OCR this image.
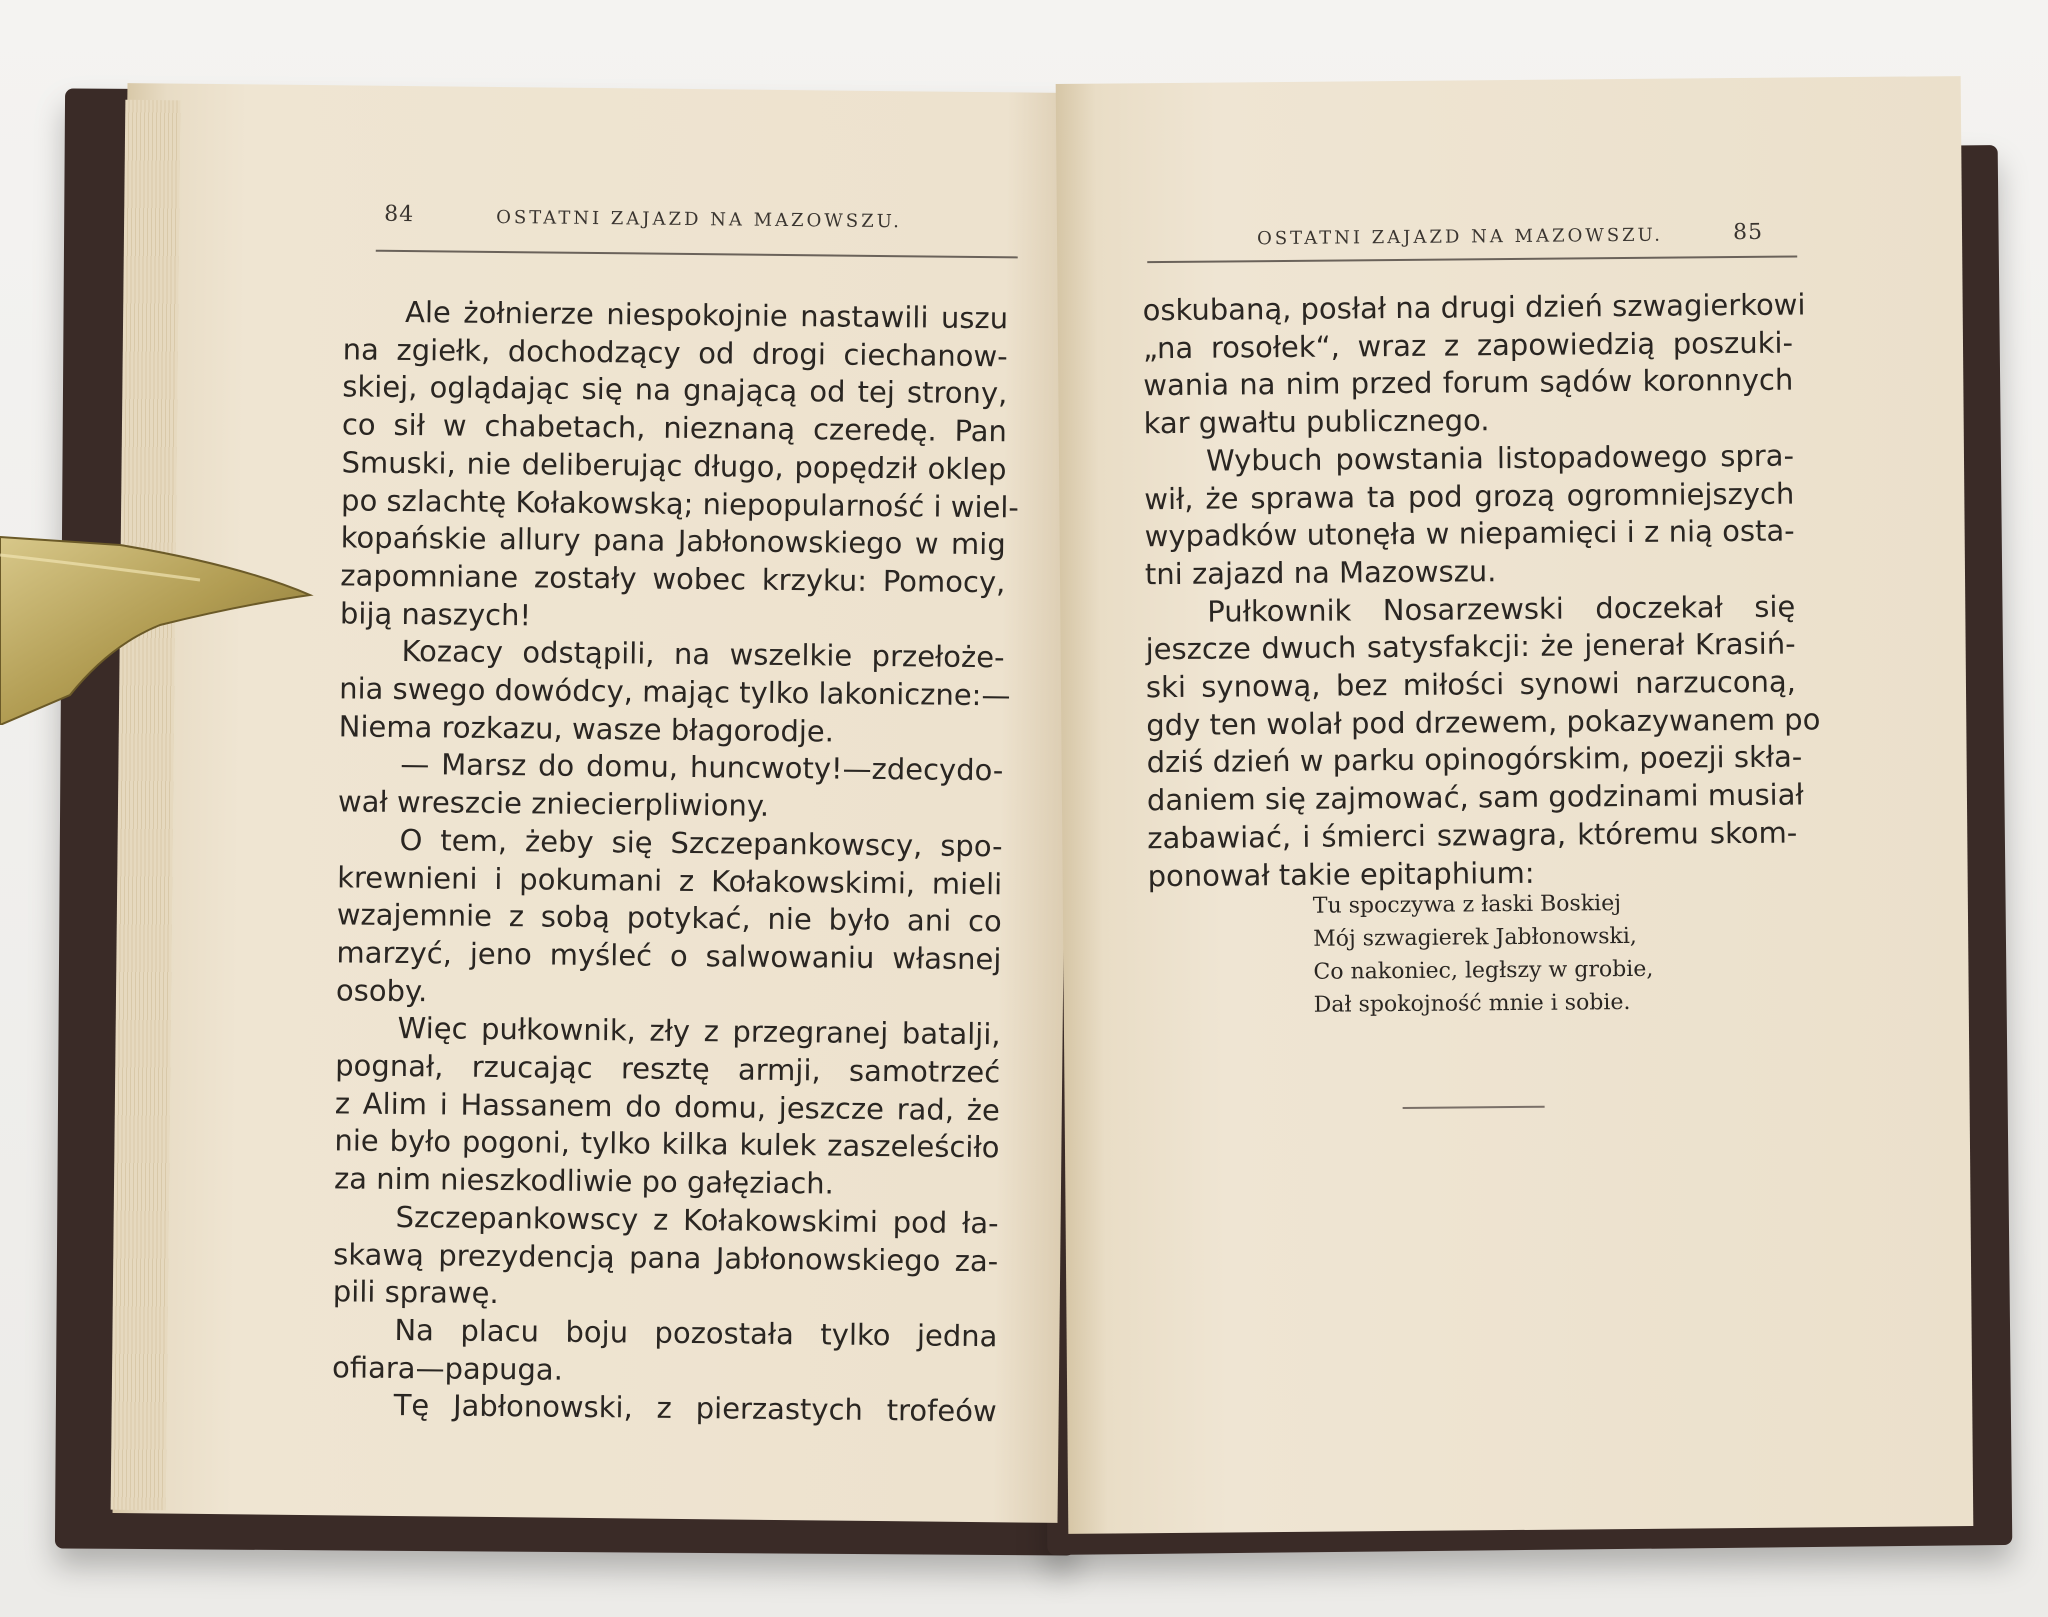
84	OSTATNI ZAJAZD NA MAZOWSZU.
Ale żołnierze niespokojnie nastawili uszu
na zgiełk, dochodzący od drogi ciechanow-
skiej, oglądając się na gnającą od tej strony,
co sił w chabetach, nieznaną czeredę. Pan
Smuski, nie deliberując długo, popędził oklep
po szlachtę Kołakowską; niepopularność i wiel-
kopańskie allury pana Jabłonowskiego w mig
zapomniane zostały wobec krzyku: Pomocy,
biją naszych!
Kozacy odstąpili, na wszelkie przełoże-
nia swego dowódcy, mając tylko lakoniczne:—
Niema rozkazu, wasze błagorodje.
— Marsz do domu, huncwoty!—zdecydo-
wał wreszcie zniecierpliwiony.
O tem, żeby się Szczepankowscy, spo-
krewnieni i pokumani z Kołakowskimi, mieli
wzajemnie z sobą potykać, nie było ani co
marzyć, jeno myśleć o salwowaniu własnej
osoby.
Więc pułkownik, zły z przegranej batalji,
pognał, rzucając resztę armji, samotrzeć
z Alim i Hassanem do domu, jeszcze rad, że
nie było pogoni, tylko kilka kulek zaszeleściło
za nim nieszkodliwie po gałęziach.
Szczepankowscy z Kołakowskimi pod ła-
skawą prezydencją pana Jabłonowskiego za-
pili sprawę.
Na placu boju pozostała tylko jedna
ofiara—papuga.
Tę Jabłonowski, z pierzastych trofeów
OSTATNI ZAJAZD NA MAZOWSZU.	85
oskubaną, posłał na drugi dzień szwagierkowi
„na rosołek“, wraz z zapowiedzią poszuki-
wania na nim przed forum sądów koronnych
kar gwałtu publicznego.
Wybuch powstania listopadowego spra-
wił, że sprawa ta pod grozą ogromniejszych
wypadków utonęła w niepamięci i z nią osta-
tni zajazd na Mazowszu.
Pułkownik Nosarzewski doczekał się
jeszcze dwuch satysfakcji: że jenerał Krasiń-
ski synową, bez miłości synowi narzuconą,
gdy ten wolał pod drzewem, pokazywanem po
dziś dzień w parku opinogórskim, poezji skła-
daniem się zajmować, sam godzinami musiał
zabawiać, i śmierci szwagra, któremu skom-
ponował takie epitaphium:
Tu spoczywa z łaski Boskiej
Mój szwagierek Jabłonowski,
Co nakoniec, ległszy w grobie,
Dał spokojność mnie i sobie.
